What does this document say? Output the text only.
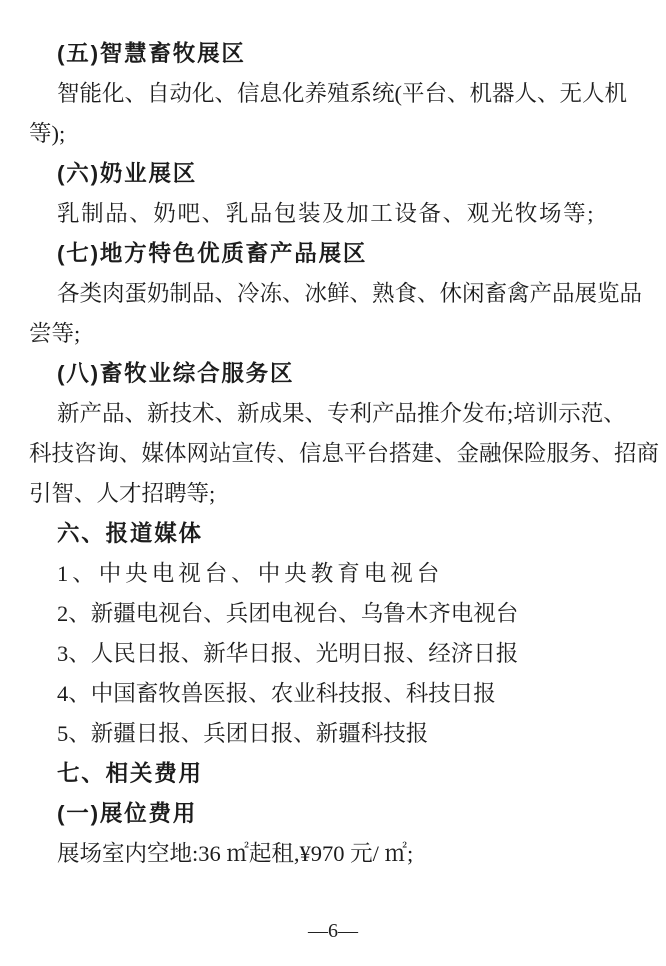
(五)智慧畜牧展区
智能化、自动化、信息化养殖系统(平台、机器人、无人机
等);
(六)奶业展区
乳制品、奶吧、乳品包装及加工设备、观光牧场等;
(七)地方特色优质畜产品展区
各类肉蛋奶制品、冷冻、冰鲜、熟食、休闲畜禽产品展览品
尝等;
(八)畜牧业综合服务区
新产品、新技术、新成果、专利产品推介发布;培训示范、
科技咨询、媒体网站宣传、信息平台搭建、金融保险服务、招商
引智、人才招聘等;
六、报道媒体
1、中央电视台、中央教育电视台
2、新疆电视台、兵团电视台、乌鲁木齐电视台
3、人民日报、新华日报、光明日报、经济日报
4、中国畜牧兽医报、农业科技报、科技日报
5、新疆日报、兵团日报、新疆科技报
七、相关费用
(一)展位费用
展场室内空地:36 ㎡起租,¥970 元/ ㎡;
—6—
